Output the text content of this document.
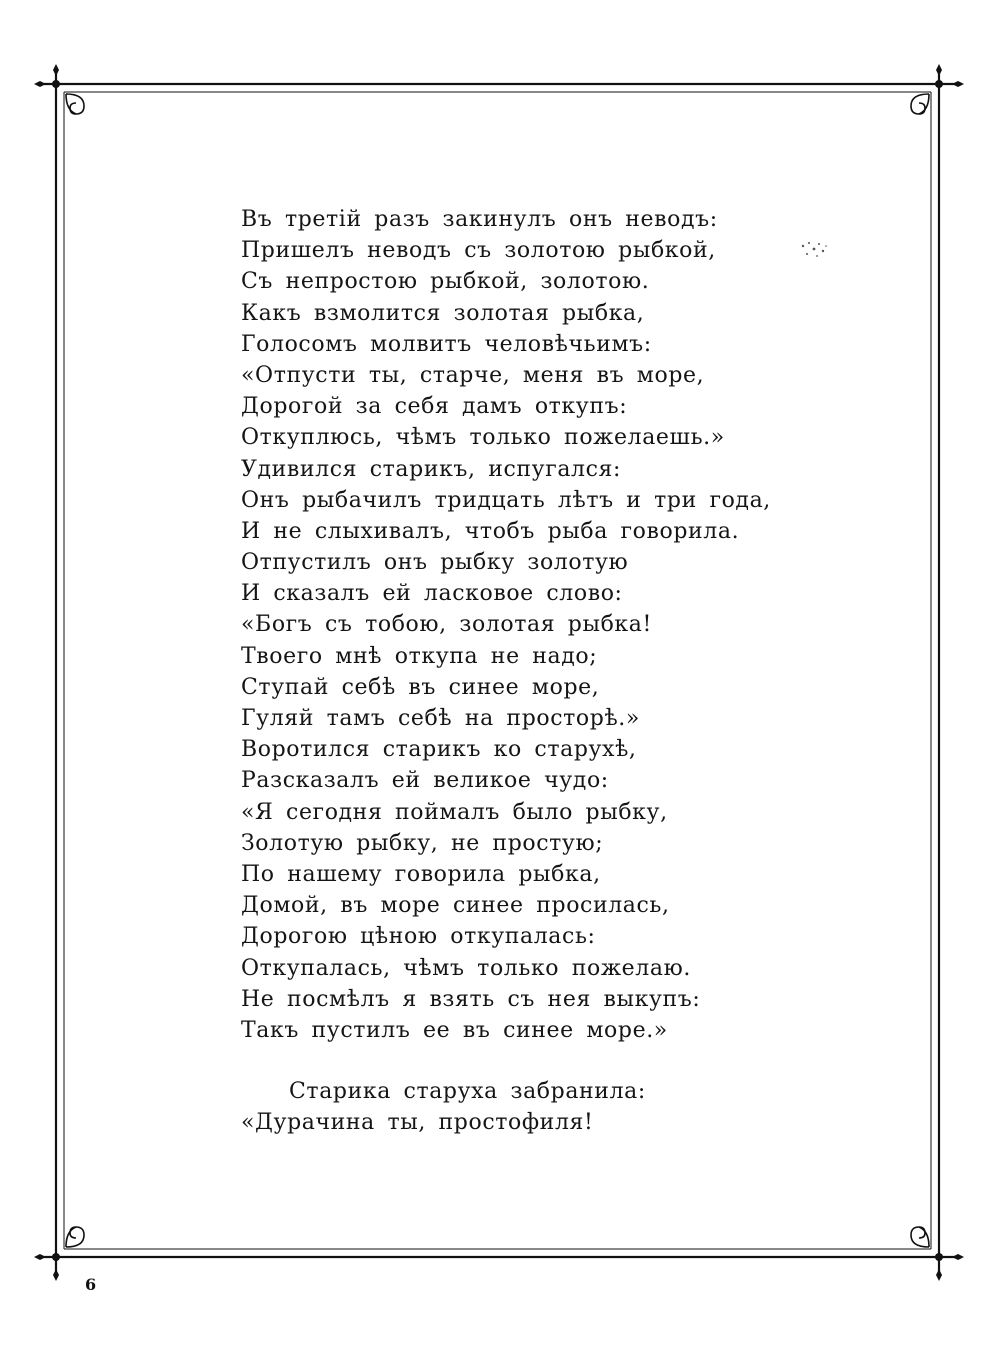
Въ третій разъ закинулъ онъ неводъ:
Пришелъ неводъ съ золотою рыбкой,
Съ непростою рыбкой, золотою.
Какъ взмолится золотая рыбка,
Голосомъ молвитъ человѣчьимъ:
«Отпусти ты, старче, меня въ море,
Дорогой за себя дамъ откупъ:
Откуплюсь, чѣмъ только пожелаешь.»
Удивился старикъ, испугался:
Онъ рыбачилъ тридцать лѣтъ и три года,
И не слыхивалъ, чтобъ рыба говорила.
Отпустилъ онъ рыбку золотую
И сказалъ ей ласковое слово:
«Богъ съ тобою, золотая рыбка!
Твоего мнѣ откупа не надо;
Ступай себѣ въ синее море,
Гуляй тамъ себѣ на просторѣ.»
Воротился старикъ ко старухѣ,
Разсказалъ ей великое чудо:
«Я сегодня поймалъ было рыбку,
Золотую рыбку, не простую;
По нашему говорила рыбка,
Домой, въ море синее просилась,
Дорогою цѣною откупалась:
Откупалась, чѣмъ только пожелаю.
Не посмѣлъ я взять съ нея выкупъ:
Такъ пустилъ ее въ синее море.»
Старика старуха забранила:
«Дурачина ты, простофиля!
6
